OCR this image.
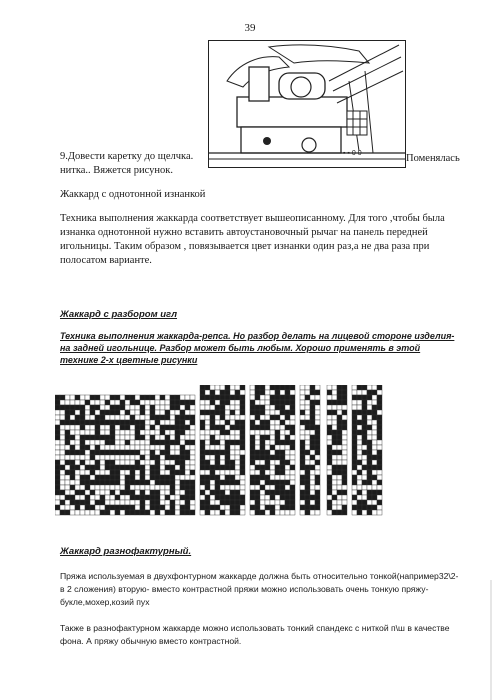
39
▪ ▪ 0 0
9.Довести каретку до щелчка.	Поменялась
нитка.. Вяжется рисунок.
Жаккард с однотонной изнанкой
Техника выполнения жаккарда соответствует вышеописанному. Для того ,чтобы была изнанка однотонной нужно вставить автоустановочный рычаг на панель передней игольницы. Таким образом , повязывается цвет изнанки один раз,а не два раза при полосатом варианте.
Жаккард с разбором игл
Техника выполнения жаккарда-репса. Но разбор делать на лицевой стороне изделия- на задней игольнице. Разбор может быть любым. Хорошо применять в этой технике 2-х цветные рисунки
Жаккард разнофактурный.
Пряжа используемая в двухфонтурном жаккарде должна быть относительно тонкой(например32\2- в 2 сложения) вторую- вместо контрастной пряжи можно использовать очень тонкую пряжу-букле,мохер,козий пух
Также в разнофактурном жаккарде можно использовать тонкий спандекс с ниткой п\ш в качестве фона. А пряжу обычную вместо контрастной.
